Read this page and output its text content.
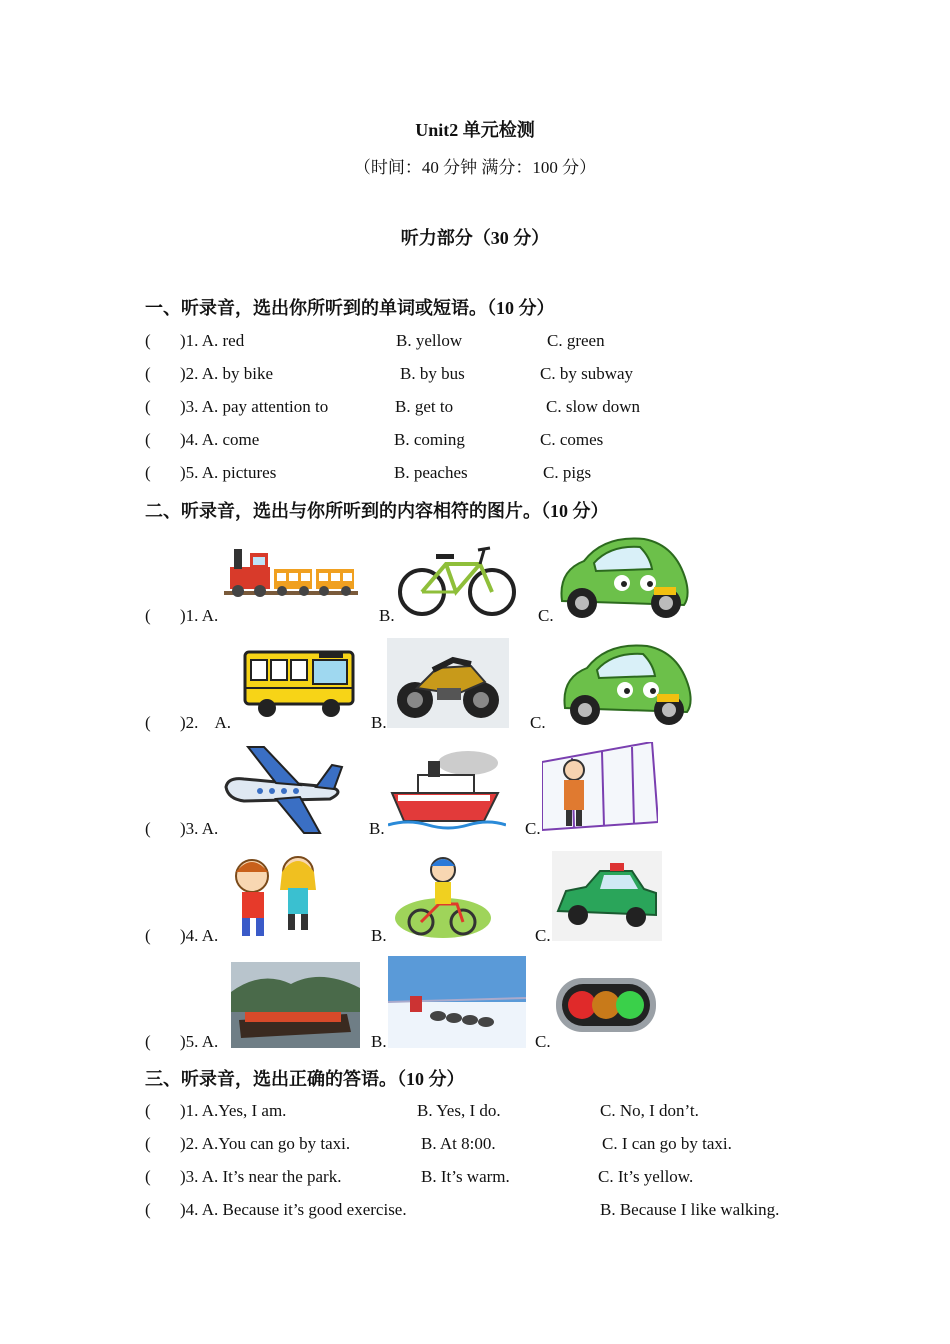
Unit2 单元检测
（时间：40 分钟 满分：100 分）
听力部分（30 分）
一、听录音，选出你所听到的单词或短语。（10 分）
( )1. A. red	B. yellow	C. green
( )2. A. by bike	B. by bus	C. by subway
( )3. A. pay attention to	B. get to	C. slow down
( )4. A. come	B. coming	C. comes
( )5. A. pictures	B. peaches	C. pigs
二、听录音，选出与你所听到的内容相符的图片。（10 分）
( )1. A.	B.	C.
( )2.    A.	B.	C.
( )3. A.	B.	C.
( )4. A.	B.	C.
( )5. A.	B.	C.
三、听录音，选出正确的答语。（10 分）
( )1. A.Yes, I am.	B. Yes, I do.	C. No, I don’t.
( )2. A.You can go by taxi.	B. At 8:00.	C. I can go by taxi.
( )3. A. It’s near the park.	B. It’s warm.	C. It’s yellow.
( )4. A. Because it’s good exercise.	B. Because I like walking.
